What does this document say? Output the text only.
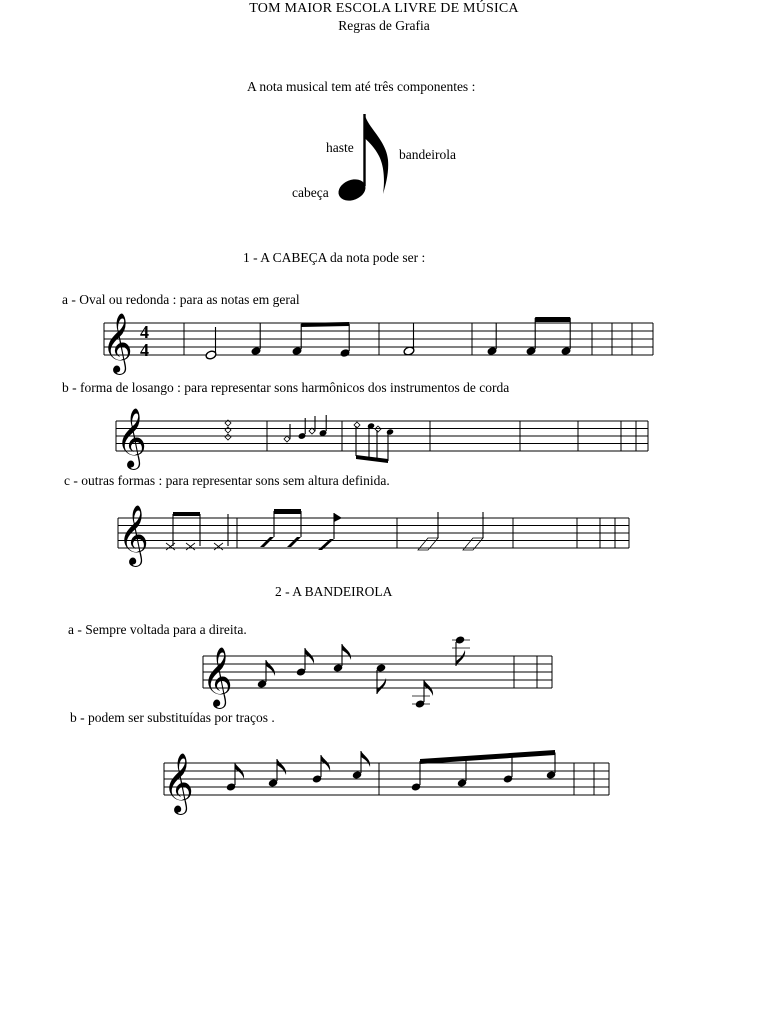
TOM MAIOR ESCOLA LIVRE DE MÚSICA
Regras de Grafia
A nota musical tem até três componentes :
haste	bandeirola
cabeça
1 - A CABEÇA da nota pode ser :
a - Oval ou redonda : para as notas em geral
𝄞 4
4
b - forma de losango : para representar sons harmônicos dos instrumentos de corda
𝄞
c - outras formas : para representar sons sem altura definida.
𝄞
2 - A BANDEIROLA
a - Sempre voltada para a direita.
𝄞
b - podem ser substituídas por traços .
𝄞
